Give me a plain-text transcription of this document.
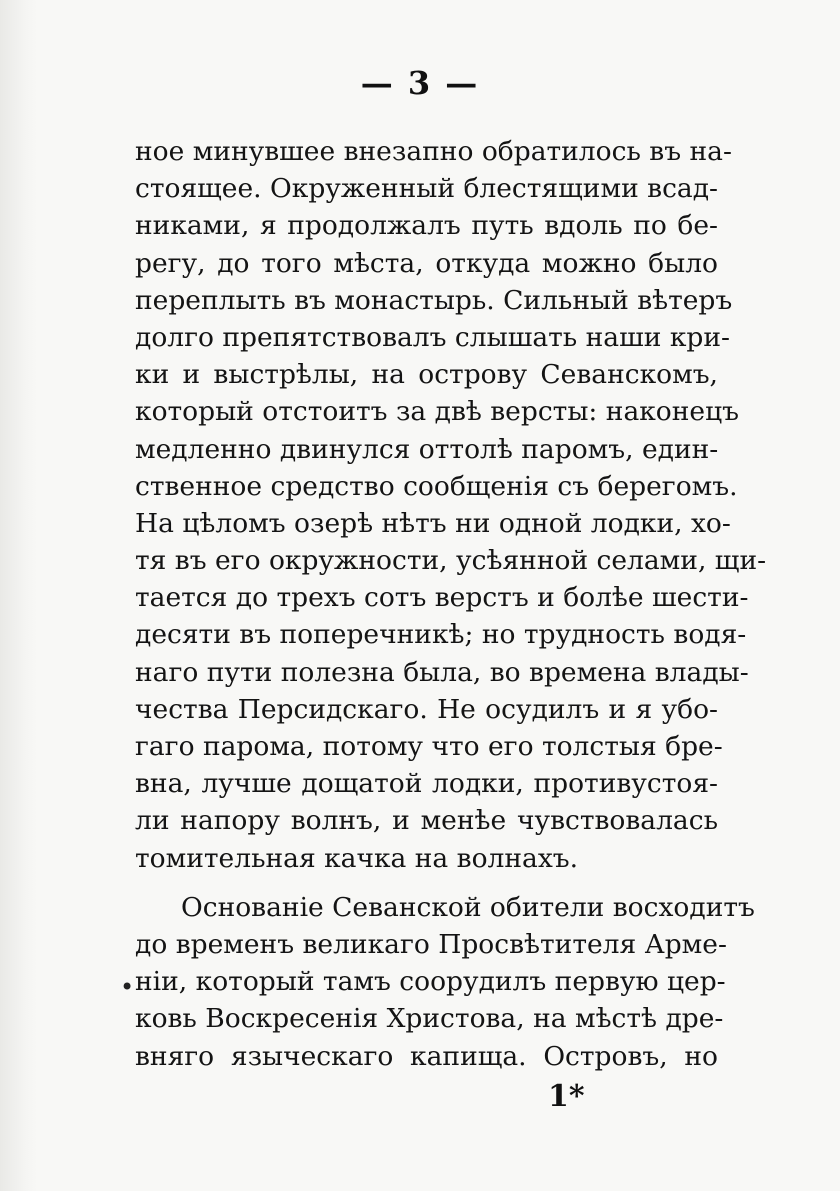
— 3 —
ное минувшее внезапно обратилось въ на-
стоящее. Окруженный блестящими всад-
никами, я продолжалъ путь вдоль по бе-
регу, до того мѣста, откуда можно было
переплыть въ монастырь. Сильный вѣтеръ
долго препятствовалъ слышать наши кри-
ки и выстрѣлы, на острову Севанскомъ,
который отстоитъ за двѣ версты: наконецъ
медленно двинулся оттолѣ паромъ, един-
ственное средство сообщенія съ берегомъ.
На цѣломъ озерѣ нѣтъ ни одной лодки, хо-
тя въ его окружности, усѣянной селами, щи-
тается до трехъ сотъ верстъ и болѣе шести-
десяти въ поперечникѣ; но трудность водя-
наго пути полезна была, во времена влады-
чества Персидскаго. Не осудилъ и я убо-
гаго парома, потому что его толстыя бре-
вна, лучше дощатой лодки, противустоя-
ли напору волнъ, и менѣе чувствовалась
томительная качка на волнахъ.
Основаніе Севанской обители восходитъ
до временъ великаго Просвѣтителя Арме-
ніи, который тамъ соорудилъ первую цер-
ковь Воскресенія Христова, на мѣстѣ дре-
вняго языческаго капища. Островъ, но
•
1*
